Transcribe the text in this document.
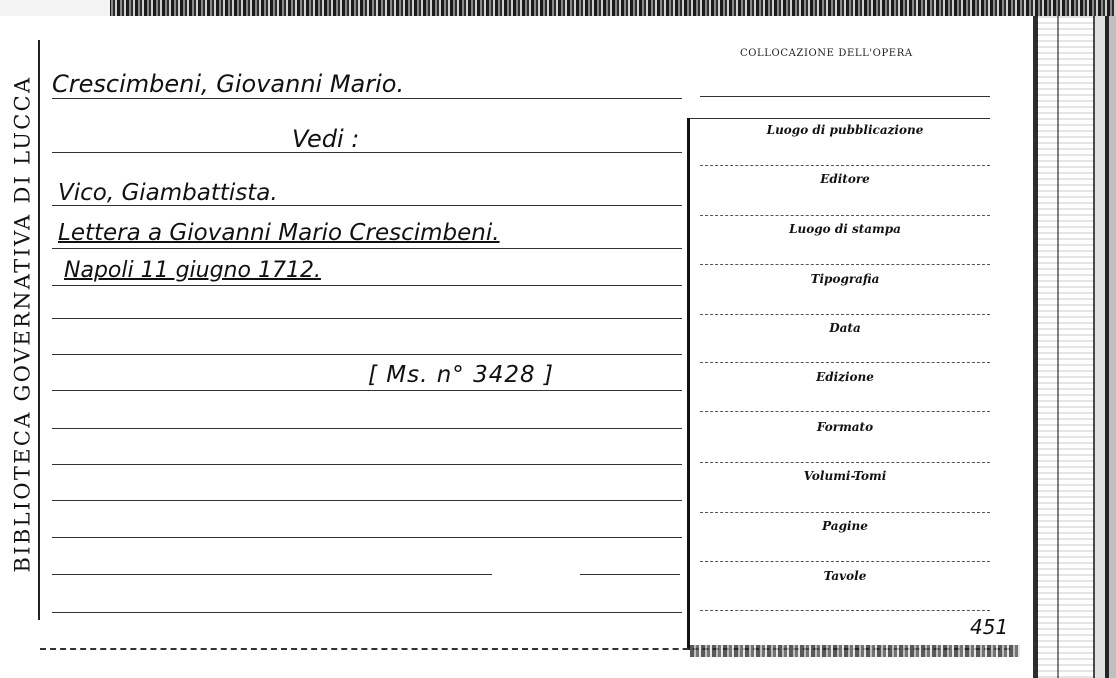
BIBLIOTECA GOVERNATIVA DI LUCCA Crescimbeni, Giovanni Mario.
Vedi :
Vico, Giambattista.
Lettera a Giovanni Mario Crescimbeni.
Napoli 11 giugno 1712.
[ Ms. n° 3428 ]
COLLOCAZIONE DELL'OPERA
Luogo di pubblicazione
Editore
Luogo di stampa
Tipografia
Data
Edizione
Formato
Volumi-Tomi
Pagine
Tavole
451
